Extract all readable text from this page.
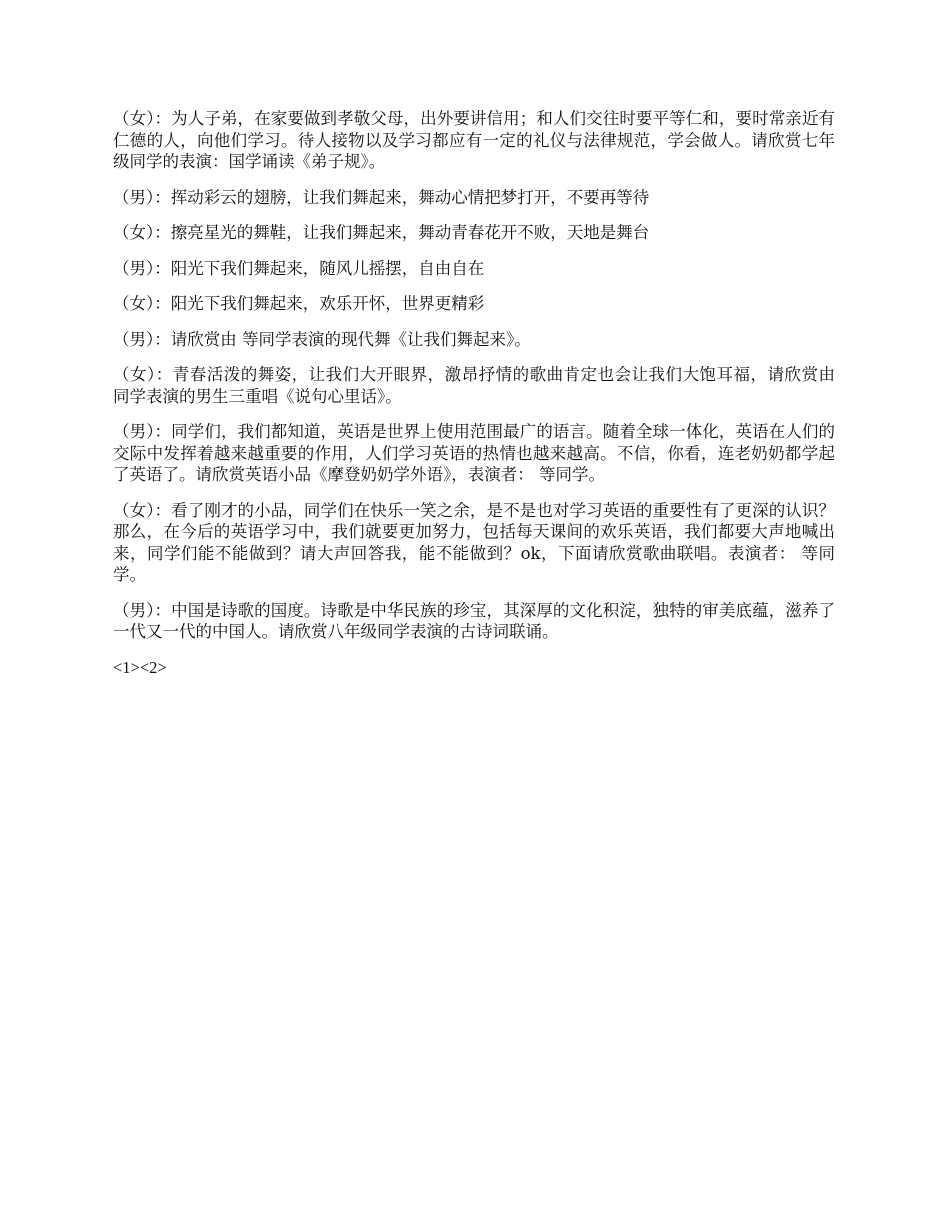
（女）：为人子弟，在家要做到孝敬父母，出外要讲信用；和人们交往时要平等仁和，要时常亲近有仁德的人，向他们学习。待人接物以及学习都应有一定的礼仪与法律规范，学会做人。请欣赏七年级同学的表演：国学诵读《弟子规》。

（男）：挥动彩云的翅膀，让我们舞起来，舞动心情把梦打开，不要再等待

（女）：擦亮星光的舞鞋，让我们舞起来，舞动青春花开不败，天地是舞台

（男）：阳光下我们舞起来，随风儿摇摆，自由自在

（女）：阳光下我们舞起来，欢乐开怀，世界更精彩

（男）：请欣赏由 等同学表演的现代舞《让我们舞起来》。

（女）：青春活泼的舞姿，让我们大开眼界，激昂抒情的歌曲肯定也会让我们大饱耳福，请欣赏由 同学表演的男生三重唱《说句心里话》。

（男）：同学们，我们都知道，英语是世界上使用范围最广的语言。随着全球一体化，英语在人们的交际中发挥着越来越重要的作用，人们学习英语的热情也越来越高。不信，你看，连老奶奶都学起了英语了。请欣赏英语小品《摩登奶奶学外语》，表演者： 等同学。

（女）：看了刚才的小品，同学们在快乐一笑之余，是不是也对学习英语的重要性有了更深的认识？那么，在今后的英语学习中，我们就要更加努力，包括每天课间的欢乐英语，我们都要大声地喊出来，同学们能不能做到？请大声回答我，能不能做到？ok，下面请欣赏歌曲联唱。表演者： 等同学。

（男）：中国是诗歌的国度。诗歌是中华民族的珍宝，其深厚的文化积淀，独特的审美底蕴，滋养了一代又一代的中国人。请欣赏八年级同学表演的古诗词联诵。

<1><2>
